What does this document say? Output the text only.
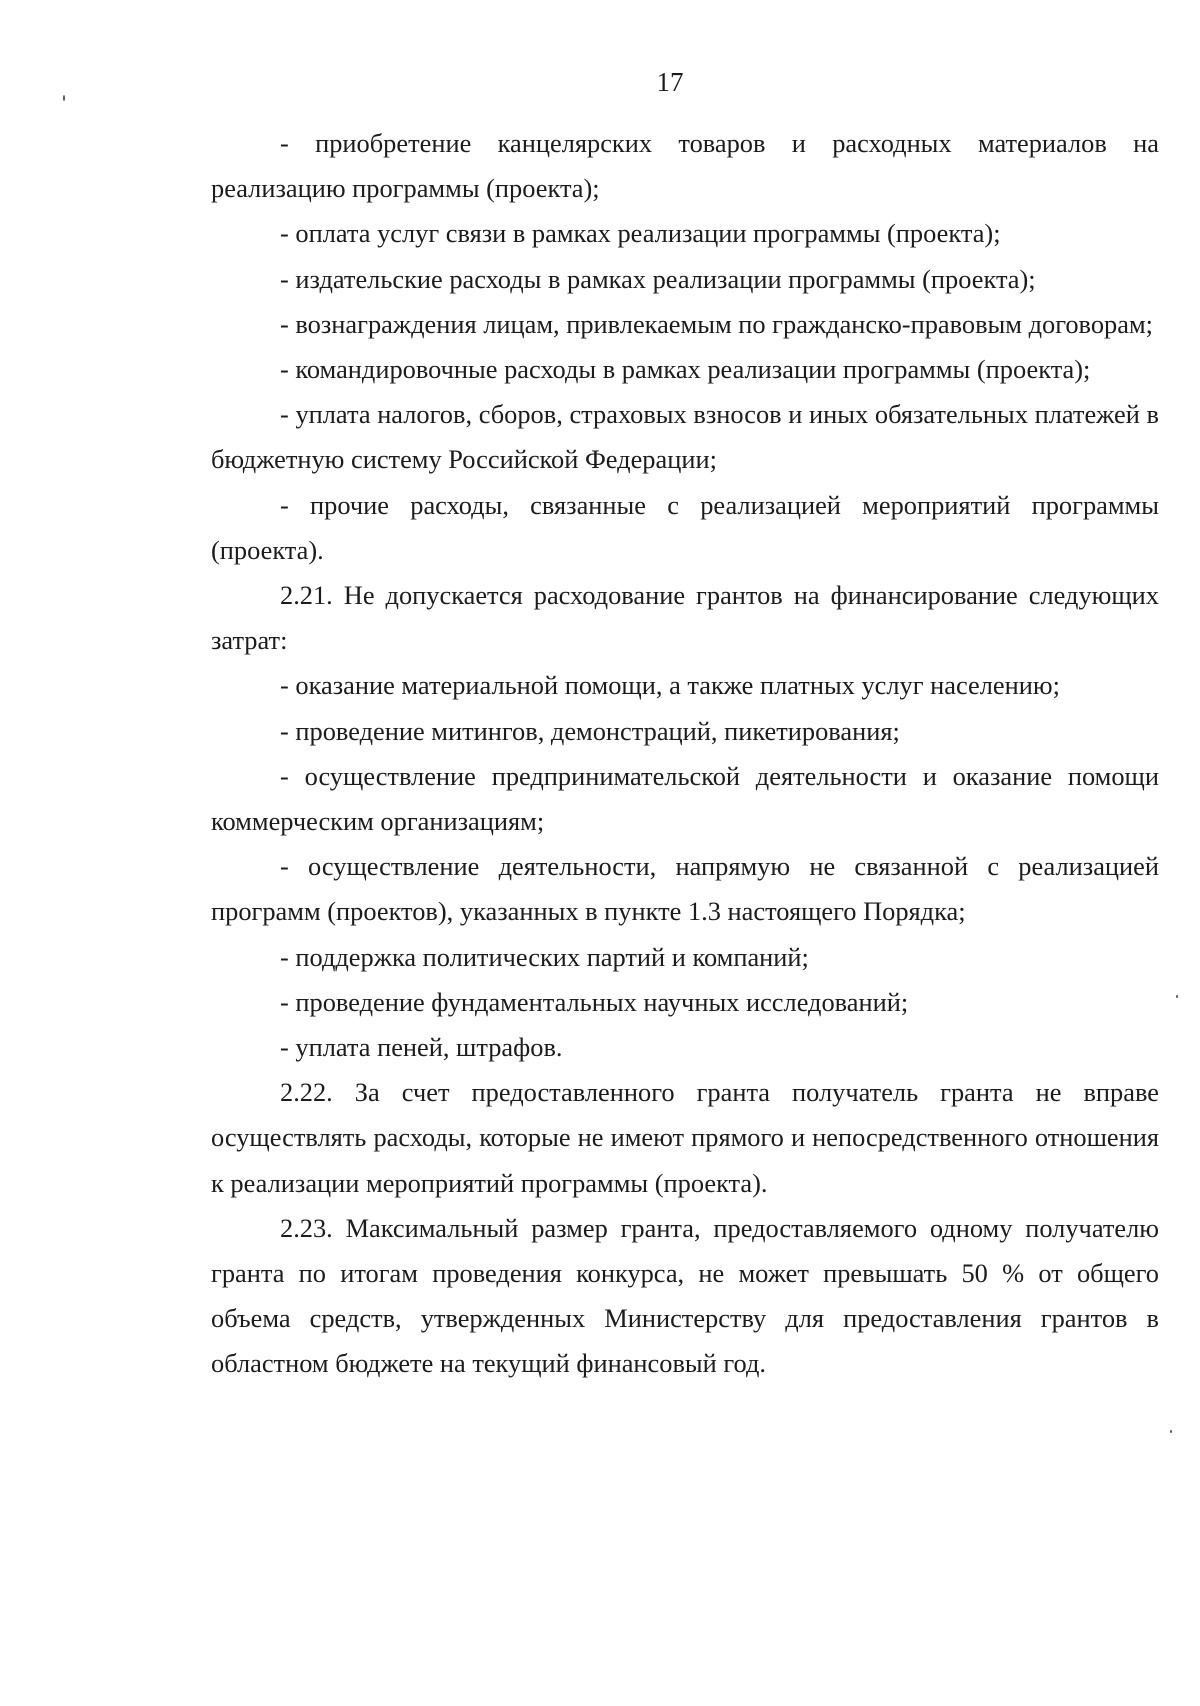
17

- приобретение канцелярских товаров и расходных материалов на реализацию программы (проекта);

- оплата услуг связи в рамках реализации программы (проекта);

- издательские расходы в рамках реализации программы (проекта);

- вознаграждения лицам, привлекаемым по гражданско-правовым договорам;

- командировочные расходы в рамках реализации программы (проекта);

- уплата налогов, сборов, страховых взносов и иных обязательных платежей в бюджетную систему Российской Федерации;

- прочие расходы, связанные с реализацией мероприятий программы (проекта).

2.21. Не допускается расходование грантов на финансирование следующих затрат:

- оказание материальной помощи, а также платных услуг населению;

- проведение митингов, демонстраций, пикетирования;

- осуществление предпринимательской деятельности и оказание помощи коммерческим организациям;

- осуществление деятельности, напрямую не связанной с реализацией программ (проектов), указанных в пункте 1.3 настоящего Порядка;

- поддержка политических партий и компаний;

- проведение фундаментальных научных исследований;

- уплата пеней, штрафов.

2.22. За счет предоставленного гранта получатель гранта не вправе осуществлять расходы, которые не имеют прямого и непосредственного отношения к реализации мероприятий программы (проекта).

2.23. Максимальный размер гранта, предоставляемого одному получателю гранта по итогам проведения конкурса, не может превышать 50 % от общего объема средств, утвержденных Министерству для предоставления грантов в областном бюджете на текущий финансовый год.
